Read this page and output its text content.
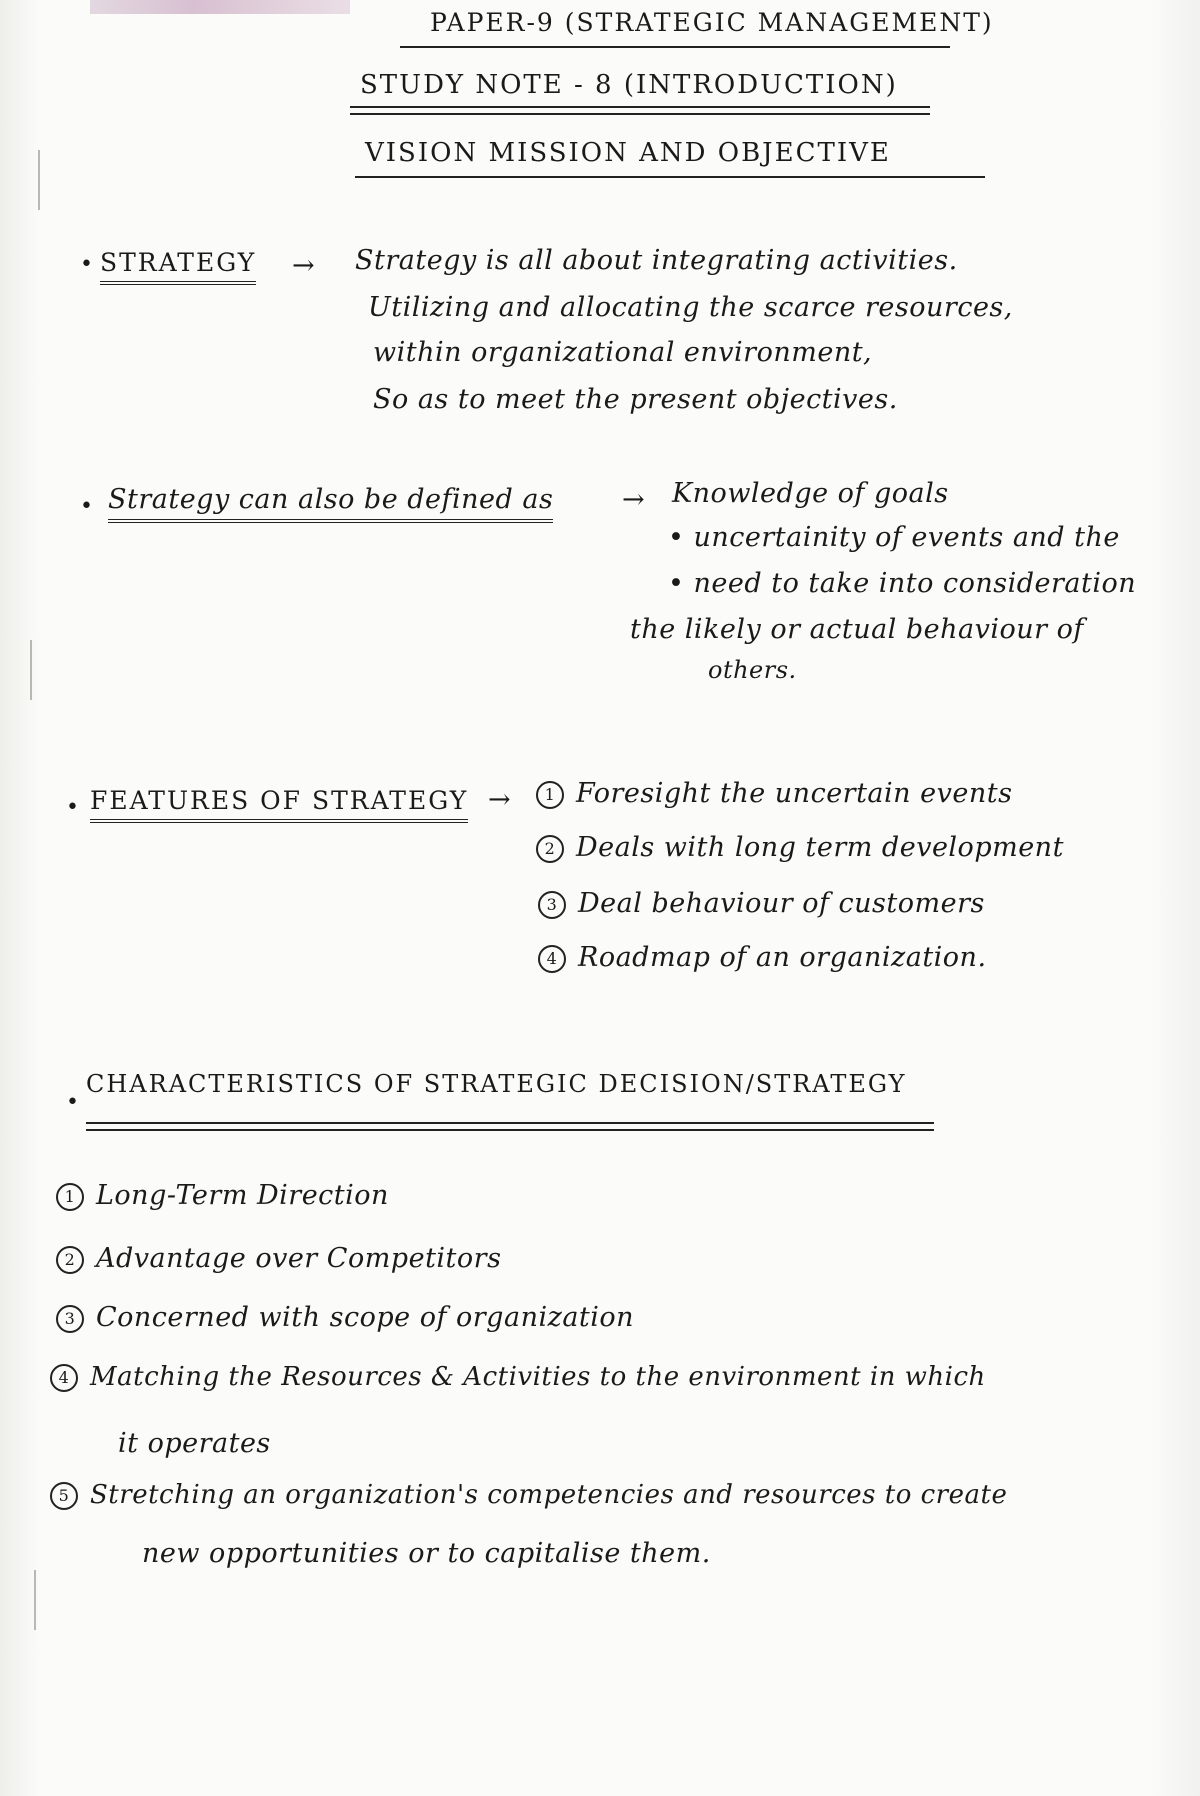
PAPER-9 (STRATEGIC MANAGEMENT)
STUDY NOTE - 8 (INTRODUCTION)
VISION MISSION AND OBJECTIVE
• STRATEGY → Strategy is all about integrating activities.
Utilizing and allocating the scarce resources,
within organizational environment,
So as to meet the present objectives.
• Strategy can also be defined as	→ Knowledge of goals
• uncertainity of events and the
• need to take into consideration
the likely or actual behaviour of
others.
• FEATURES OF STRATEGY →	1 Foresight the uncertain events
2 Deals with long term development
3 Deal behaviour of customers
4 Roadmap of an organization.
•
CHARACTERISTICS OF STRATEGIC DECISION/STRATEGY
1 Long-Term Direction
2 Advantage over Competitors
3 Concerned with scope of organization
4 Matching the Resources & Activities to the environment in which
it operates
5 Stretching an organization's competencies and resources to create
new opportunities or to capitalise them.
